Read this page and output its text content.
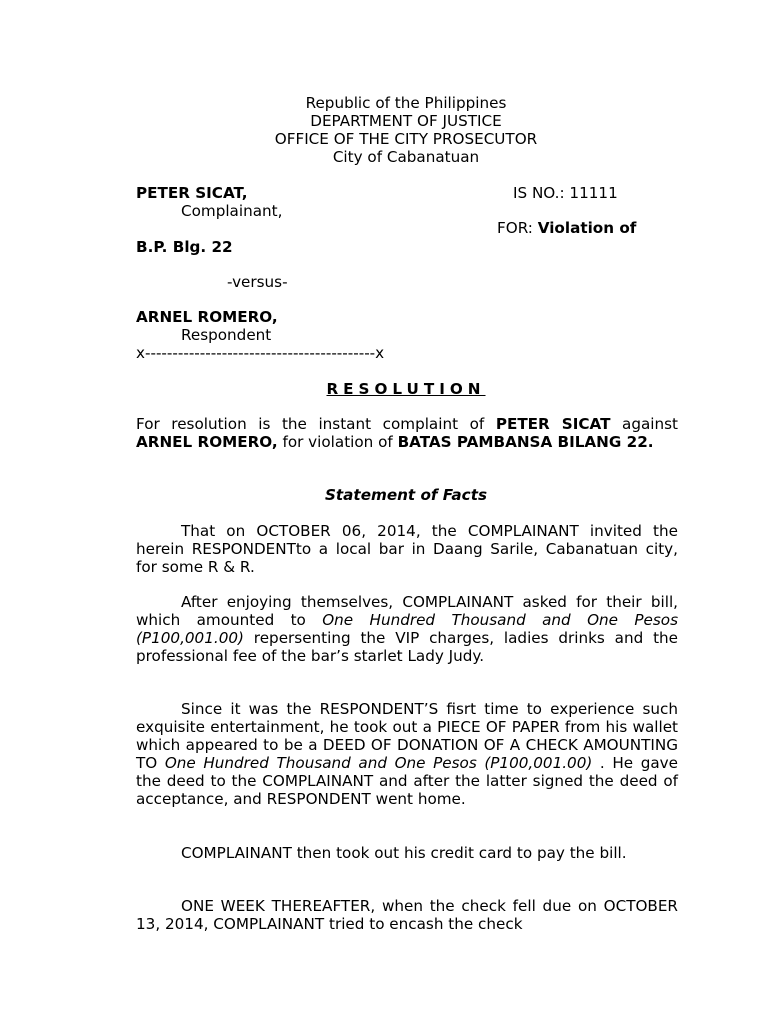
Republic of the Philippines
DEPARTMENT OF JUSTICE
OFFICE OF THE CITY PROSECUTOR
City of Cabanatuan
PETER SICAT,	IS NO.: 11111
Complainant,
FOR: Violation of
B.P. Blg. 22
-versus-
ARNEL ROMERO,
Respondent
x------------------------------------------x
RESOLUTION
For resolution is the instant complaint of PETER SICAT against ARNEL ROMERO, for violation of BATAS PAMBANSA BILANG 22.
Statement of Facts
That on OCTOBER 06, 2014, the COMPLAINANT invited the herein RESPONDENTto a local bar in Daang Sarile, Cabanatuan city, for some R & R.
After enjoying themselves, COMPLAINANT asked for their bill, which amounted to One Hundred Thousand and One Pesos (P100,001.00) repersenting the VIP charges, ladies drinks and the professional fee of the bar’s starlet Lady Judy.
Since it was the RESPONDENT’S fisrt time to experience such exquisite entertainment, he took out a PIECE OF PAPER from his wallet which appeared to be a DEED OF DONATION OF A CHECK AMOUNTING TO One Hundred Thousand and One Pesos (P100,001.00) . He gave the deed to the COMPLAINANT and after the latter signed the deed of acceptance, and RESPONDENT went home.
COMPLAINANT then took out his credit card to pay the bill.
ONE WEEK THEREAFTER, when the check fell due on OCTOBER 13, 2014, COMPLAINANT tried to encash the check
